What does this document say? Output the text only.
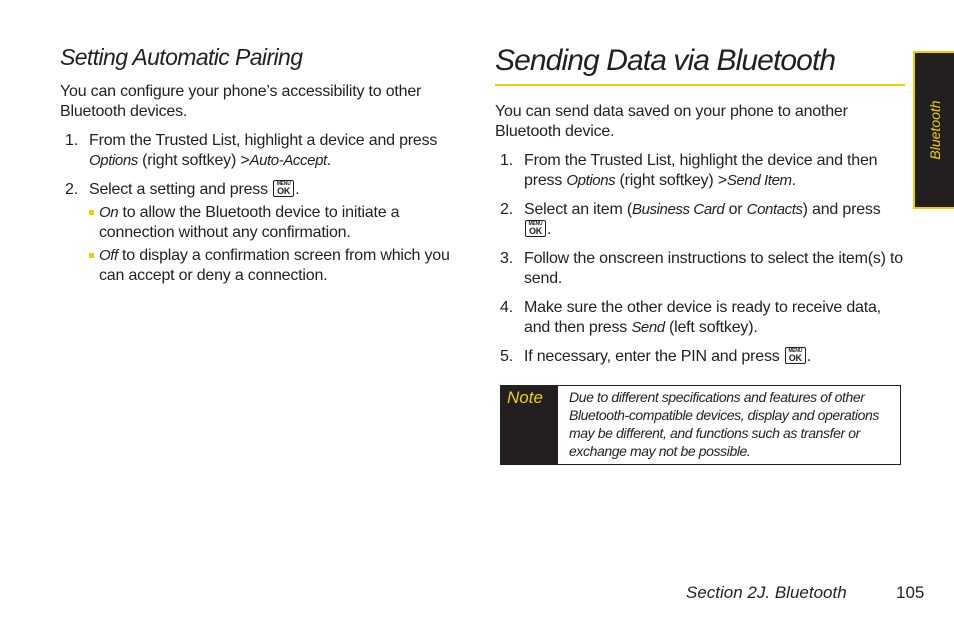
Setting Automatic Pairing

You can configure your phone’s accessibility to other Bluetooth devices.

1. From the Trusted List, highlight a device and press Options (right softkey) >Auto-Accept.
2. Select a setting and press MENU
OK .
On to allow the Bluetooth device to initiate a connection without any confirmation.
Off to display a confirmation screen from which you can accept or deny a connection.
Sending Data via Bluetooth

You can send data saved on your phone to another Bluetooth device.

1. From the Trusted List, highlight the device and then press Options (right softkey) >Send Item.
2. Select an item (Business Card or Contacts) and press
MENU
OK .
3. Follow the onscreen instructions to select the item(s) to send.
4. Make sure the other device is ready to receive data, and then press Send (left softkey).
5. If necessary, enter the PIN and press MENU
OK .
Note	Due to different specifications and features of other Bluetooth-compatible devices, display and operations may be different, and functions such as transfer or exchange may not be possible.
Bluetooth
Section 2J. Bluetooth	105
